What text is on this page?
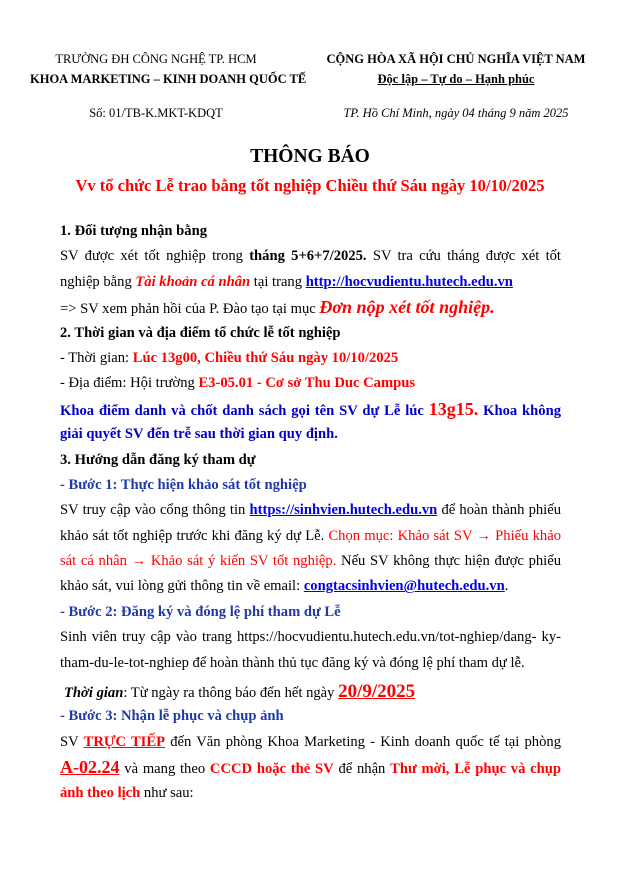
TRƯỜNG ĐH CÔNG NGHỆ TP. HCM
KHOA MARKETING – KINH DOANH QUỐC TẾ
Số: 01/TB-K.MKT-KDQT
CỘNG HÒA XÃ HỘI CHỦ NGHĨA VIỆT NAM
Độc lập – Tự do – Hạnh phúc
TP. Hồ Chí Minh, ngày 04 tháng 9 năm 2025
THÔNG BÁO
Vv tổ chức Lễ trao bằng tốt nghiệp Chiều thứ Sáu ngày 10/10/2025
1. Đối tượng nhận bằng
SV được xét tốt nghiệp trong tháng 5+6+7/2025. SV tra cứu tháng được xét tốt
nghiệp bằng Tài khoản cá nhân tại trang http://hocvudientu.hutech.edu.vn
=> SV xem phản hồi của P. Đào tạo tại mục Đơn nộp xét tốt nghiệp.
2. Thời gian và địa điểm tổ chức lễ tốt nghiệp
- Thời gian: Lúc 13g00, Chiều thứ Sáu ngày 10/10/2025
- Địa điểm: Hội trường E3-05.01 - Cơ sở Thu Duc Campus
Khoa điểm danh và chốt danh sách gọi tên SV dự Lễ lúc 13g15. Khoa không
giải quyết SV đến trễ sau thời gian quy định.
3. Hướng dẫn đăng ký tham dự
- Bước 1: Thực hiện khảo sát tốt nghiệp
SV truy cập vào cổng thông tin https://sinhvien.hutech.edu.vn để hoàn thành phiếu
khảo sát tốt nghiệp trước khi đăng ký dự Lễ. Chọn mục: Khảo sát SV → Phiếu khảo
sát cá nhân → Khảo sát ý kiến SV tốt nghiệp. Nếu SV không thực hiện được phiếu
khảo sát, vui lòng gửi thông tin về email: congtacsinhvien@hutech.edu.vn.
- Bước 2: Đăng ký và đóng lệ phí tham dự Lễ
Sinh viên truy cập vào trang https://hocvudientu.hutech.edu.vn/tot-nghiep/dang- ky-
tham-du-le-tot-nghiep để hoàn thành thủ tục đăng ký và đóng lệ phí tham dự lễ.
Thời gian: Từ ngày ra thông báo đến hết ngày 20/9/2025
- Bước 3: Nhận lễ phục và chụp ảnh
SV TRỰC TIẾP đến Văn phòng Khoa Marketing - Kinh doanh quốc tế tại phòng
A-02.24 và mang theo CCCD hoặc thẻ SV để nhận Thư mời, Lễ phục và chụp
ảnh theo lịch như sau:
